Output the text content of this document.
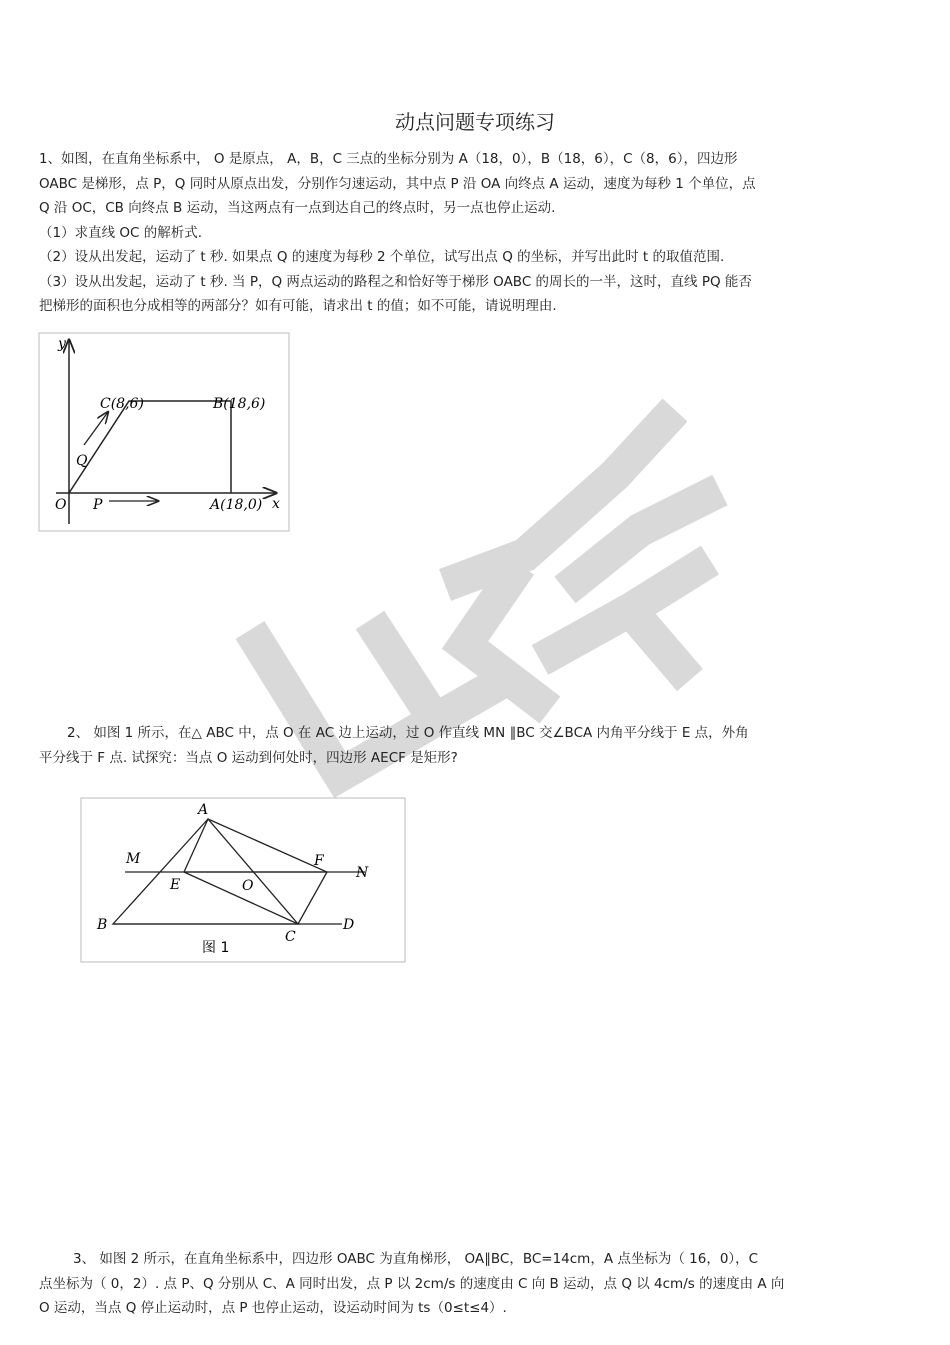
动点问题专项练习
1、如图，在直角坐标系中， O 是原点， A，B，C 三点的坐标分别为 A（18，0），B（18，6），C（8，6），四边形
OABC 是梯形，点 P，Q 同时从原点出发，分别作匀速运动，其中点 P 沿 OA 向终点 A 运动，速度为每秒 1 个单位，点
Q 沿 OC，CB 向终点 B 运动，当这两点有一点到达自己的终点时，另一点也停止运动.
（1）求直线 OC 的解析式.
（2）设从出发起，运动了 t 秒. 如果点 Q 的速度为每秒 2 个单位，试写出点 Q 的坐标，并写出此时 t 的取值范围.
（3）设从出发起，运动了 t 秒. 当 P，Q 两点运动的路程之和恰好等于梯形 OABC 的周长的一半，这时，直线 PQ 能否
把梯形的面积也分成相等的两部分？如有可能，请求出 t 的值；如不可能，请说明理由.
y
x
O
C(8,6)	B(18,6)
A(18,0)
Q
P
2、 如图 1 所示，在△ ABC 中，点 O 在 AC 边上运动，过 O 作直线 MN ∥BC 交∠BCA 内角平分线于 E 点，外角
平分线于 F 点. 试探究：当点 O 运动到何处时，四边形 AECF 是矩形?
A
M	F
N
E	O
B
C
D
图 1
3、 如图 2 所示，在直角坐标系中，四边形 OABC 为直角梯形， OA∥BC，BC=14cm，A 点坐标为（ 16，0），C
点坐标为（ 0，2）. 点 P、Q 分别从 C、A 同时出发，点 P 以 2cm/s 的速度由 C 向 B 运动，点 Q 以 4cm/s 的速度由 A 向
O 运动，当点 Q 停止运动时，点 P 也停止运动，设运动时间为 ts（0≤t≤4）.
